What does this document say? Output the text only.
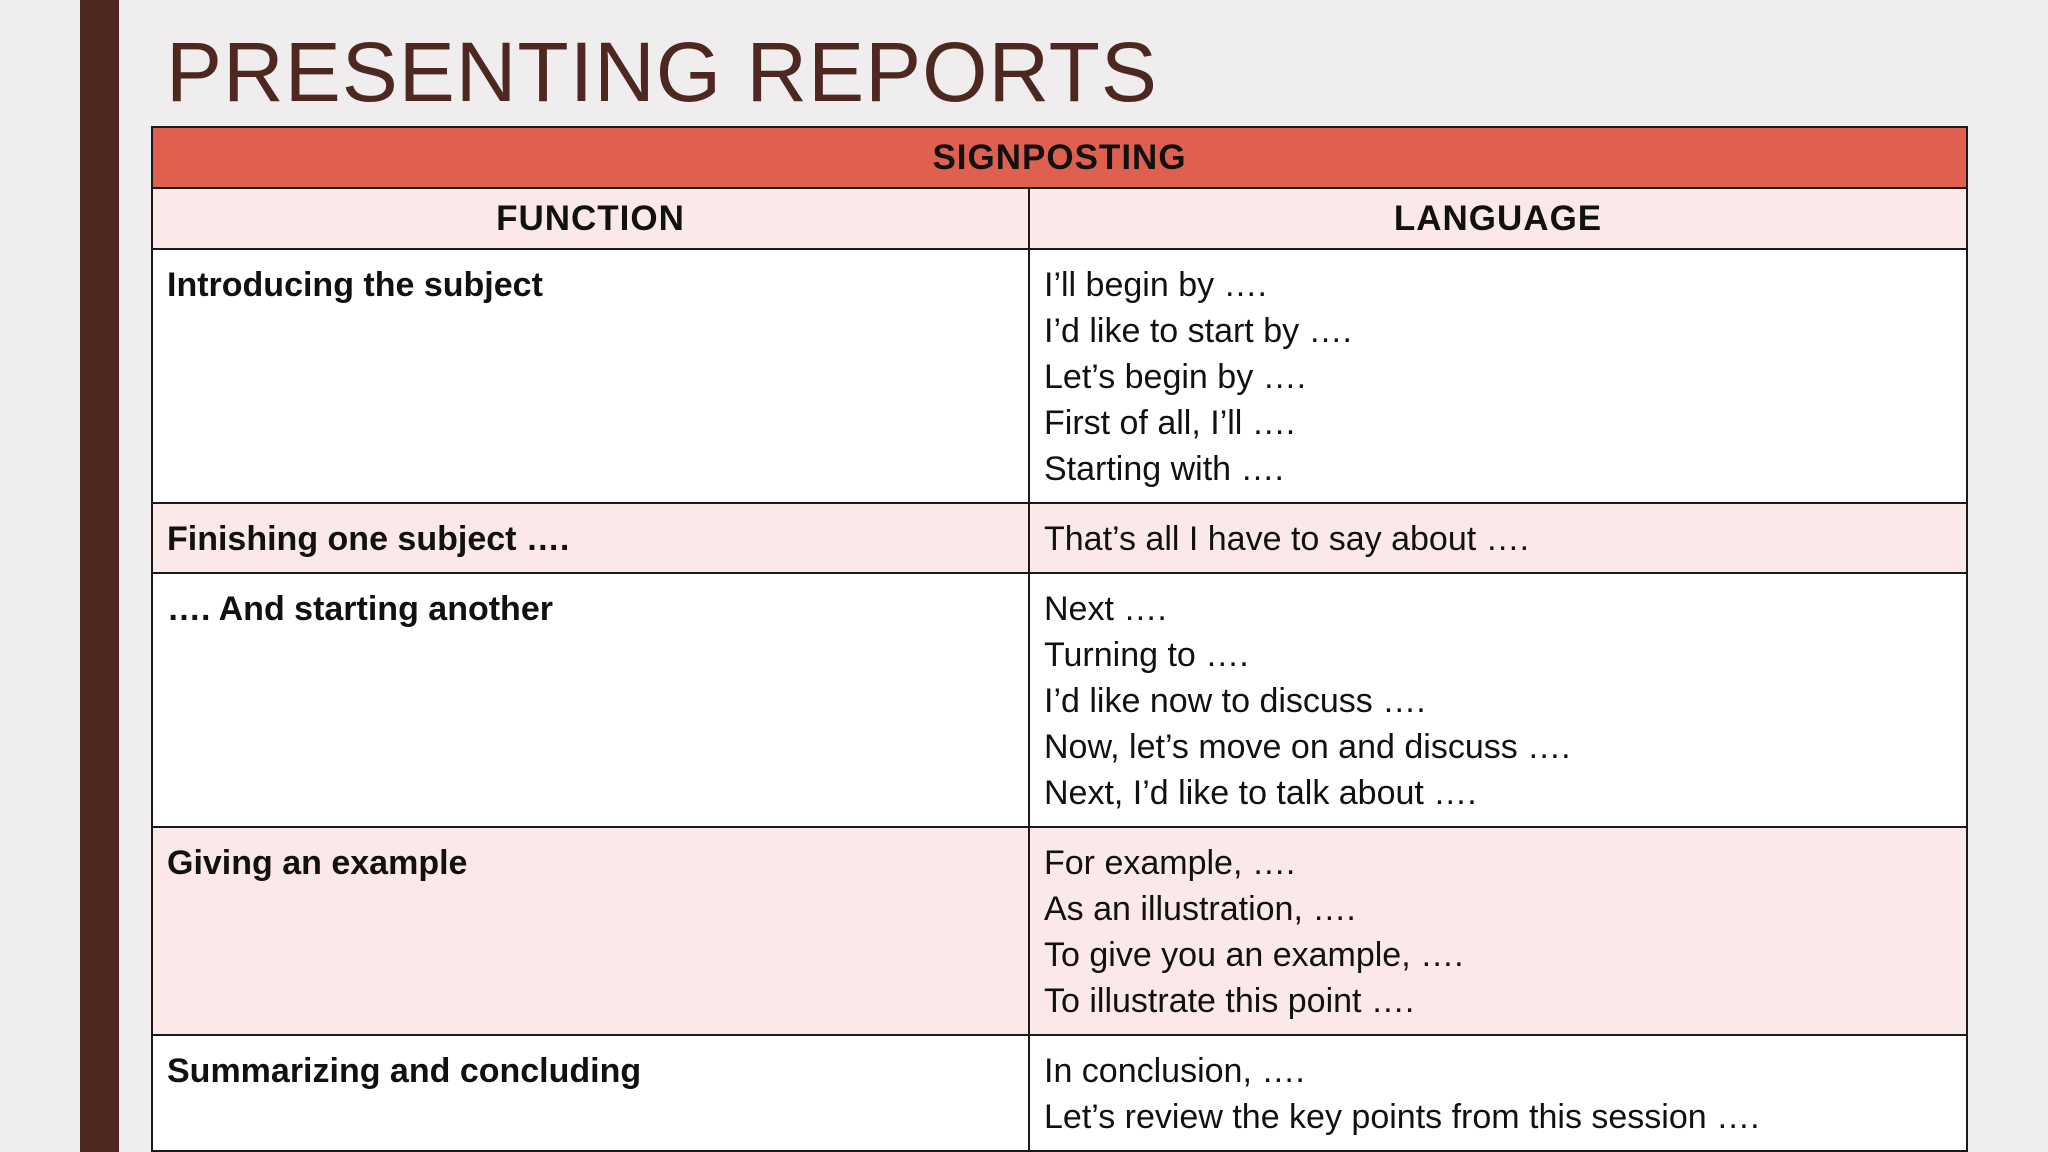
PRESENTING REPORTS
SIGNPOSTING	
FUNCTION	LANGUAGE
Introducing the subject	I’ll begin by ….
I’d like to start by ….
Let’s begin by ….
First of all, I’ll ….
Starting with ….

Finishing one subject ….	That’s all I have to say about ….

…. And starting another	Next ….
Turning to ….
I’d like now to discuss ….
Now, let’s move on and discuss ….
Next, I’d like to talk about ….

Giving an example	For example, ….
As an illustration, ….
To give you an example, ….
To illustrate this point ….

Summarizing and concluding	In conclusion, ….
Let’s review the key points from this session ….
